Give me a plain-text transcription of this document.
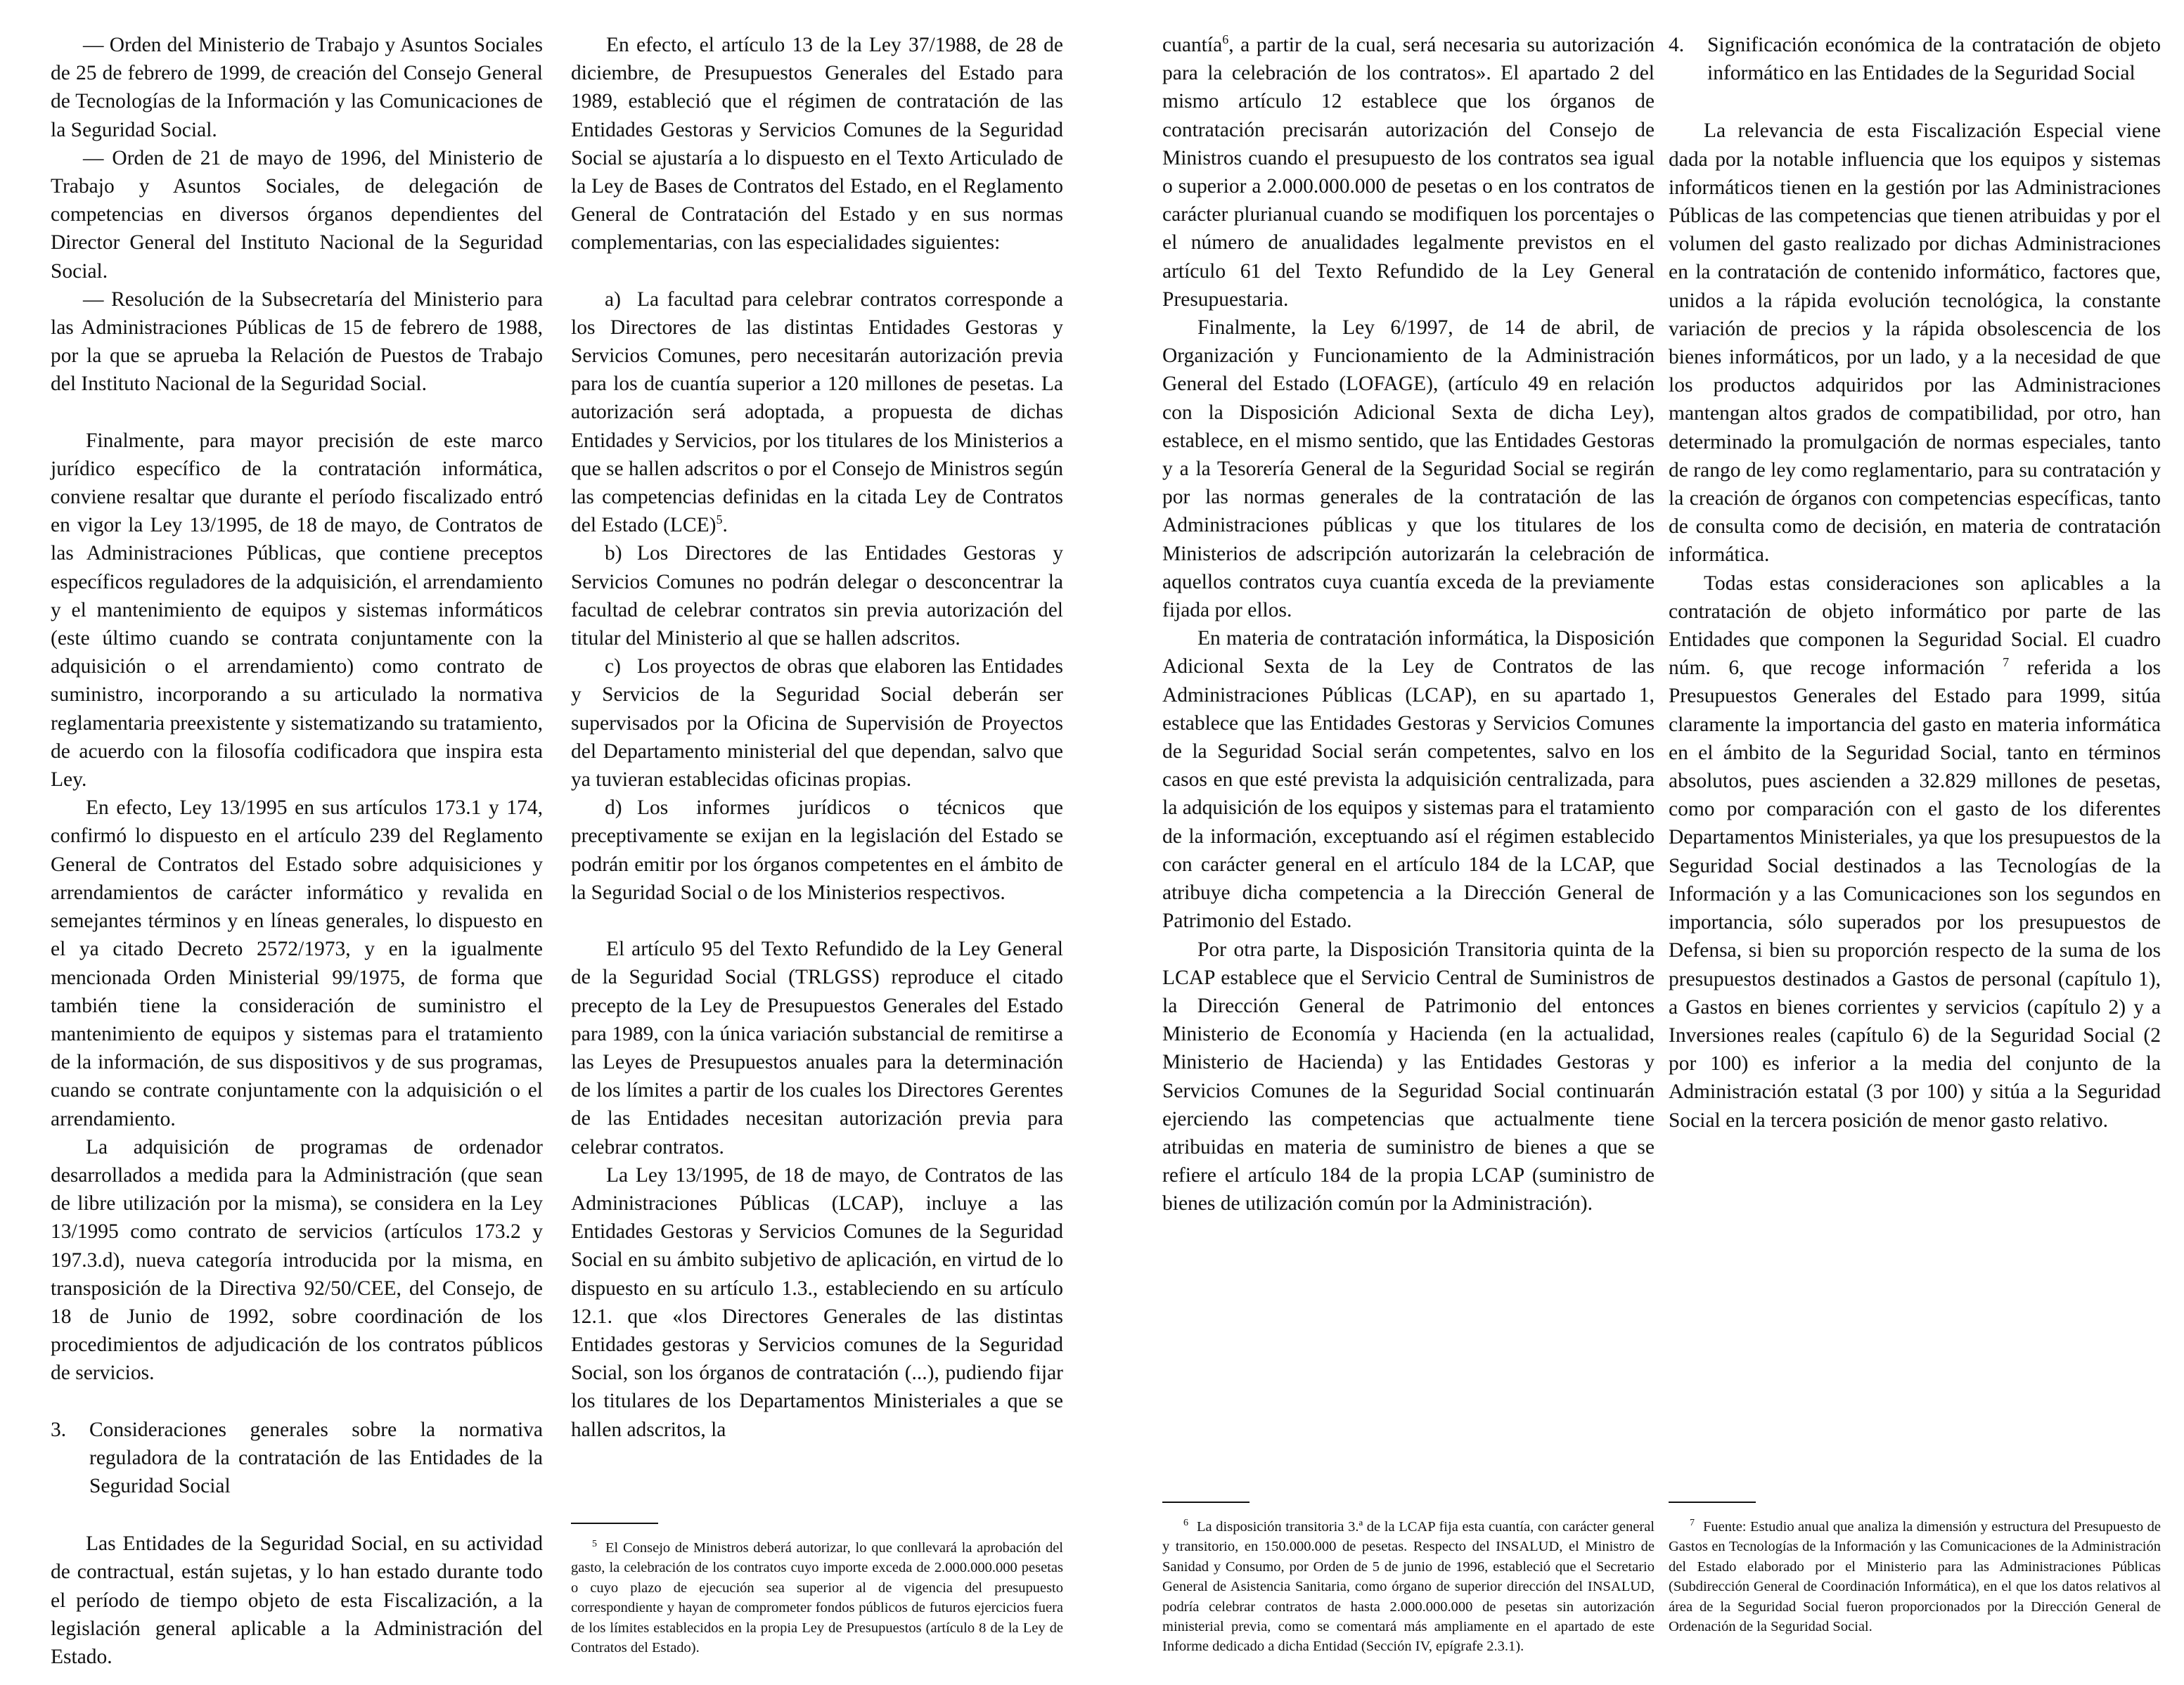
— Orden del Ministerio de Trabajo y Asuntos Sociales de 25 de febrero de 1999, de creación del Consejo General de Tecnologías de la Información y las Comunicaciones de la Seguridad Social.

— Orden de 21 de mayo de 1996, del Ministerio de Trabajo y Asuntos Sociales, de delegación de competencias en diversos órganos dependientes del Director General del Instituto Nacional de la Seguridad Social.

— Resolución de la Subsecretaría del Ministerio para las Administraciones Públicas de 15 de febrero de 1988, por la que se aprueba la Relación de Puestos de Trabajo del Instituto Nacional de la Seguridad Social.

Finalmente, para mayor precisión de este marco jurídico específico de la contratación informática, conviene resaltar que durante el período fiscalizado entró en vigor la Ley 13/1995, de 18 de mayo, de Contratos de las Administraciones Públicas, que contiene preceptos específicos reguladores de la adquisición, el arrendamiento y el mantenimiento de equipos y sistemas informáticos (este último cuando se contrata conjuntamente con la adquisición o el arrendamiento) como contrato de suministro, incorporando a su articulado la normativa reglamentaria preexistente y sistematizando su tratamiento, de acuerdo con la filosofía codificadora que inspira esta Ley.

En efecto, Ley 13/1995 en sus artículos 173.1 y 174, confirmó lo dispuesto en el artículo 239 del Reglamento General de Contratos del Estado sobre adquisiciones y arrendamientos de carácter informático y revalida en semejantes términos y en líneas generales, lo dispuesto en el ya citado Decreto 2572/1973, y en la igualmente mencionada Orden Ministerial 99/1975, de forma que también tiene la consideración de suministro el mantenimiento de equipos y sistemas para el tratamiento de la información, de sus dispositivos y de sus programas, cuando se contrate conjuntamente con la adquisición o el arrendamiento.

La adquisición de programas de ordenador desarrollados a medida para la Administración (que sean de libre utilización por la misma), se considera en la Ley 13/1995 como contrato de servicios (artículos 173.2 y 197.3.d), nueva categoría introducida por la misma, en transposición de la Directiva 92/50/CEE, del Consejo, de 18 de Junio de 1992, sobre coordinación de los procedimientos de adjudicación de los contratos públicos de servicios.

3.	Consideraciones generales sobre la normativa reguladora de la contratación de las Entidades de la Seguridad Social

Las Entidades de la Seguridad Social, en su actividad de contractual, están sujetas, y lo han estado durante todo el período de tiempo objeto de esta Fiscalización, a la legislación general aplicable a la Administración del Estado.

En efecto, el artículo 13 de la Ley 37/1988, de 28 de diciembre, de Presupuestos Generales del Estado para 1989, estableció que el régimen de contratación de las Entidades Gestoras y Servicios Comunes de la Seguridad Social se ajustaría a lo dispuesto en el Texto Articulado de la Ley de Bases de Contratos del Estado, en el Reglamento General de Contratación del Estado y en sus normas complementarias, con las especialidades siguientes:

a) La facultad para celebrar contratos corresponde a los Directores de las distintas Entidades Gestoras y Servicios Comunes, pero necesitarán autorización previa para los de cuantía superior a 120 millones de pesetas. La autorización será adoptada, a propuesta de dichas Entidades y Servicios, por los titulares de los Ministerios a que se hallen adscritos o por el Consejo de Ministros según las competencias definidas en la citada Ley de Contratos del Estado (LCE)$^5$.

b) Los Directores de las Entidades Gestoras y Servicios Comunes no podrán delegar o desconcentrar la facultad de celebrar contratos sin previa autorización del titular del Ministerio al que se hallen adscritos.

c) Los proyectos de obras que elaboren las Entidades y Servicios de la Seguridad Social deberán ser supervisados por la Oficina de Supervisión de Proyectos del Departamento ministerial del que dependan, salvo que ya tuvieran establecidas oficinas propias.

d) Los informes jurídicos o técnicos que preceptivamente se exijan en la legislación del Estado se podrán emitir por los órganos competentes en el ámbito de la Seguridad Social o de los Ministerios respectivos.

El artículo 95 del Texto Refundido de la Ley General de la Seguridad Social (TRLGSS) reproduce el citado precepto de la Ley de Presupuestos Generales del Estado para 1989, con la única variación substancial de remitirse a las Leyes de Presupuestos anuales para la determinación de los límites a partir de los cuales los Directores Gerentes de las Entidades necesitan autorización previa para celebrar contratos.

La Ley 13/1995, de 18 de mayo, de Contratos de las Administraciones Públicas (LCAP), incluye a las Entidades Gestoras y Servicios Comunes de la Seguridad Social en su ámbito subjetivo de aplicación, en virtud de lo dispuesto en su artículo 1.3., estableciendo en su artículo 12.1. que «los Directores Generales de las distintas Entidades gestoras y Servicios comunes de la Seguridad Social, son los órganos de contratación (...), pudiendo fijar los titulares de los Departamentos Ministeriales a que se hallen adscritos, la

$^5$ El Consejo de Ministros deberá autorizar, lo que conllevará la aprobación del gasto, la celebración de los contratos cuyo importe exceda de 2.000.000.000 pesetas o cuyo plazo de ejecución sea superior al de vigencia del presupuesto correspondiente y hayan de comprometer fondos públicos de futuros ejercicios fuera de los límites establecidos en la propia Ley de Presupuestos (artículo 8 de la Ley de Contratos del Estado).

cuantía$^6$, a partir de la cual, será necesaria su autorización para la celebración de los contratos». El apartado 2 del mismo artículo 12 establece que los órganos de contratación precisarán autorización del Consejo de Ministros cuando el presupuesto de los contratos sea igual o superior a 2.000.000.000 de pesetas o en los contratos de carácter plurianual cuando se modifiquen los porcentajes o el número de anualidades legalmente previstos en el artículo 61 del Texto Refundido de la Ley General Presupuestaria.

Finalmente, la Ley 6/1997, de 14 de abril, de Organización y Funcionamiento de la Administración General del Estado (LOFAGE), (artículo 49 en relación con la Disposición Adicional Sexta de dicha Ley), establece, en el mismo sentido, que las Entidades Gestoras y a la Tesorería General de la Seguridad Social se regirán por las normas generales de la contratación de las Administraciones públicas y que los titulares de los Ministerios de adscripción autorizarán la celebración de aquellos contratos cuya cuantía exceda de la previamente fijada por ellos.

En materia de contratación informática, la Disposición Adicional Sexta de la Ley de Contratos de las Administraciones Públicas (LCAP), en su apartado 1, establece que las Entidades Gestoras y Servicios Comunes de la Seguridad Social serán competentes, salvo en los casos en que esté prevista la adquisición centralizada, para la adquisición de los equipos y sistemas para el tratamiento de la información, exceptuando así el régimen establecido con carácter general en el artículo 184 de la LCAP, que atribuye dicha competencia a la Dirección General de Patrimonio del Estado.

Por otra parte, la Disposición Transitoria quinta de la LCAP establece que el Servicio Central de Suministros de la Dirección General de Patrimonio del entonces Ministerio de Economía y Hacienda (en la actualidad, Ministerio de Hacienda) y las Entidades Gestoras y Servicios Comunes de la Seguridad Social continuarán ejerciendo las competencias que actualmente tiene atribuidas en materia de suministro de bienes a que se refiere el artículo 184 de la propia LCAP (suministro de bienes de utilización común por la Administración).

$^6$ La disposición transitoria 3.ª de la LCAP fija esta cuantía, con carácter general y transitorio, en 150.000.000 de pesetas. Respecto del INSALUD, el Ministro de Sanidad y Consumo, por Orden de 5 de junio de 1996, estableció que el Secretario General de Asistencia Sanitaria, como órgano de superior dirección del INSALUD, podría celebrar contratos de hasta 2.000.000.000 de pesetas sin autorización ministerial previa, como se comentará más ampliamente en el apartado de este Informe dedicado a dicha Entidad (Sección IV, epígrafe 2.3.1).

4.	Significación económica de la contratación de objeto informático en las Entidades de la Seguridad Social

La relevancia de esta Fiscalización Especial viene dada por la notable influencia que los equipos y sistemas informáticos tienen en la gestión por las Administraciones Públicas de las competencias que tienen atribuidas y por el volumen del gasto realizado por dichas Administraciones en la contratación de contenido informático, factores que, unidos a la rápida evolución tecnológica, la constante variación de precios y la rápida obsolescencia de los bienes informáticos, por un lado, y a la necesidad de que los productos adquiridos por las Administraciones mantengan altos grados de compatibilidad, por otro, han determinado la promulgación de normas especiales, tanto de rango de ley como reglamentario, para su contratación y la creación de órganos con competencias específicas, tanto de consulta como de decisión, en materia de contratación informática.

Todas estas consideraciones son aplicables a la contratación de objeto informático por parte de las Entidades que componen la Seguridad Social. El cuadro núm. 6, que recoge información $^7$ referida a los Presupuestos Generales del Estado para 1999, sitúa claramente la importancia del gasto en materia informática en el ámbito de la Seguridad Social, tanto en términos absolutos, pues ascienden a 32.829 millones de pesetas, como por comparación con el gasto de los diferentes Departamentos Ministeriales, ya que los presupuestos de la Seguridad Social destinados a las Tecnologías de la Información y a las Comunicaciones son los segundos en importancia, sólo superados por los presupuestos de Defensa, si bien su proporción respecto de la suma de los presupuestos destinados a Gastos de personal (capítulo 1), a Gastos en bienes corrientes y servicios (capítulo 2) y a Inversiones reales (capítulo 6) de la Seguridad Social (2 por 100) es inferior a la media del conjunto de la Administración estatal (3 por 100) y sitúa a la Seguridad Social en la tercera posición de menor gasto relativo.

$^7$ Fuente: Estudio anual que analiza la dimensión y estructura del Presupuesto de Gastos en Tecnologías de la Información y las Comunicaciones de la Administración del Estado elaborado por el Ministerio para las Administraciones Públicas (Subdirección General de Coordinación Informática), en el que los datos relativos al área de la Seguridad Social fueron proporcionados por la Dirección General de Ordenación de la Seguridad Social.
